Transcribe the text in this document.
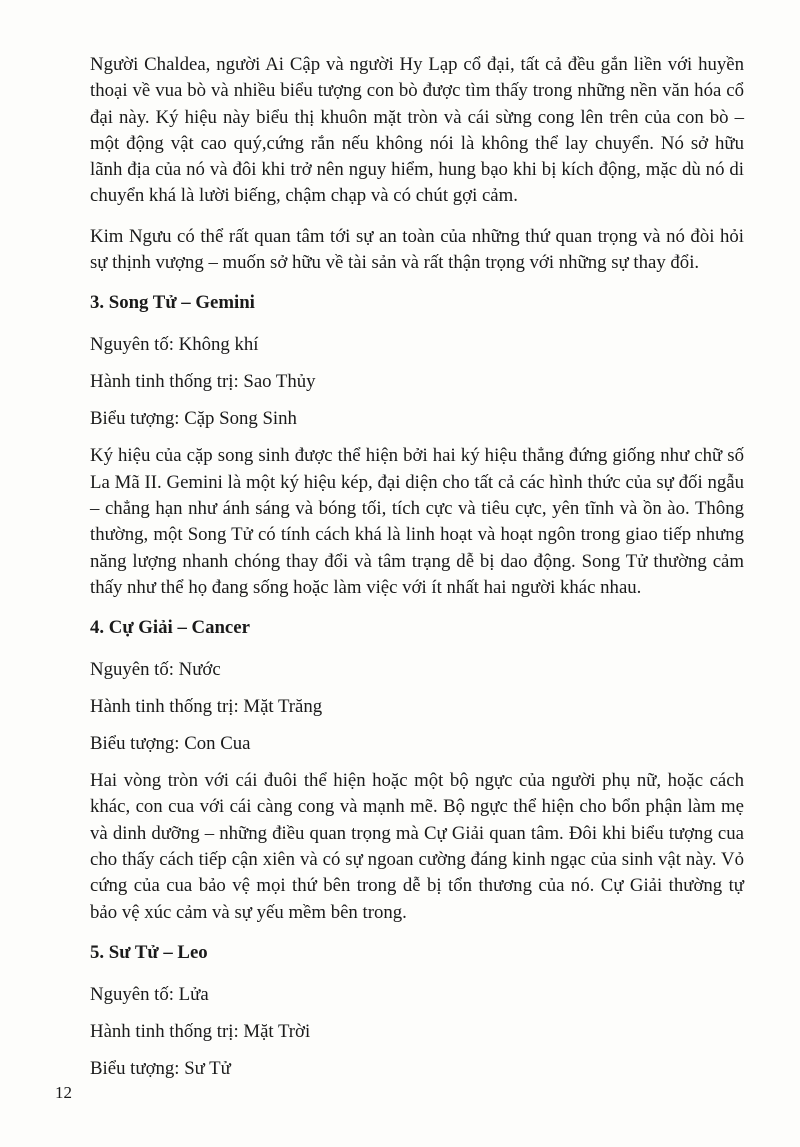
Người Chaldea, người Ai Cập và người Hy Lạp cổ đại, tất cả đều gắn liền với huyền thoại về vua bò và nhiều biểu tượng con bò được tìm thấy trong những nền văn hóa cổ đại này. Ký hiệu này biểu thị khuôn mặt tròn và cái sừng cong lên trên của con bò – một động vật cao quý,cứng rắn nếu không nói là không thể lay chuyển. Nó sở hữu lãnh địa của nó và đôi khi trở nên nguy hiểm, hung bạo khi bị kích động, mặc dù nó di chuyển khá là lười biếng, chậm chạp và có chút gợi cảm.

Kim Ngưu có thể rất quan tâm tới sự an toàn của những thứ quan trọng và nó đòi hỏi sự thịnh vượng – muốn sở hữu về tài sản và rất thận trọng với những sự thay đổi.

3. Song Tử – Gemini
Nguyên tố: Không khí
Hành tinh thống trị: Sao Thủy
Biểu tượng: Cặp Song Sinh

Ký hiệu của cặp song sinh được thể hiện bởi hai ký hiệu thẳng đứng giống như chữ số La Mã II. Gemini là một ký hiệu kép, đại diện cho tất cả các hình thức của sự đối ngẫu – chẳng hạn như ánh sáng và bóng tối, tích cực và tiêu cực, yên tĩnh và ồn ào. Thông thường, một Song Tử có tính cách khá là linh hoạt và hoạt ngôn trong giao tiếp nhưng năng lượng nhanh chóng thay đổi và tâm trạng dễ bị dao động. Song Tử thường cảm thấy như thể họ đang sống hoặc làm việc với ít nhất hai người khác nhau.

4. Cự Giải – Cancer
Nguyên tố: Nước
Hành tinh thống trị: Mặt Trăng
Biểu tượng: Con Cua

Hai vòng tròn với cái đuôi thể hiện hoặc một bộ ngực của người phụ nữ, hoặc cách khác, con cua với cái càng cong và mạnh mẽ. Bộ ngực thể hiện cho bổn phận làm mẹ và dinh dưỡng – những điều quan trọng mà Cự Giải quan tâm. Đôi khi biểu tượng cua cho thấy cách tiếp cận xiên và có sự ngoan cường đáng kinh ngạc của sinh vật này. Vỏ cứng của cua bảo vệ mọi thứ bên trong dễ bị tổn thương của nó. Cự Giải thường tự bảo vệ xúc cảm và sự yếu mềm bên trong.

5. Sư Tử – Leo
Nguyên tố: Lửa
Hành tinh thống trị: Mặt Trời
Biểu tượng: Sư Tử
12
